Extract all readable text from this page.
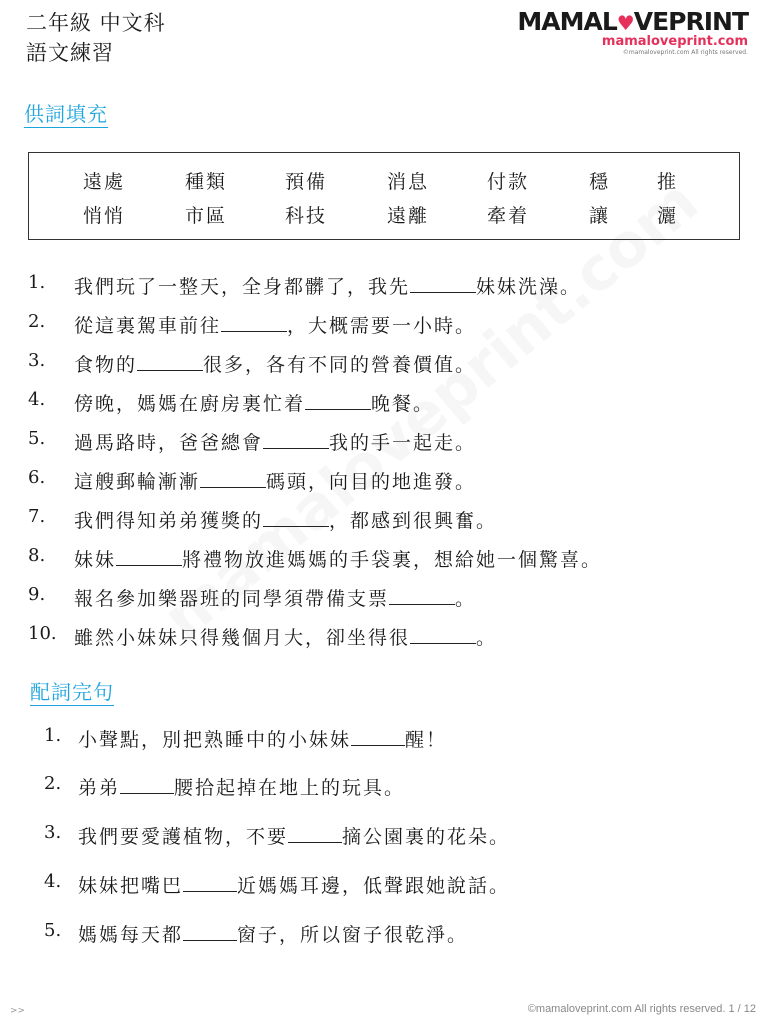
二年級 中文科
語文練習
MAMAL♥VEPRINT
mamaloveprint.com
©mamaloveprint.com All rights reserved.
供詞填充
遠處	種類	預備	消息	付款	穩 推
悄悄	市區	科技	遠離	牽着	讓 灑
1. 我們玩了一整天，全身都髒了，我先	妹妹洗澡。
2. 從這裏駕車前往	，大概需要一小時。
3. 食物的	很多，各有不同的營養價值。
4. 傍晚，媽媽在廚房裏忙着	晚餐。
5. 過馬路時，爸爸總會	我的手一起走。
6. 這艘郵輪漸漸	碼頭，向目的地進發。
7. 我們得知弟弟獲獎的	，都感到很興奮。
8. 妹妹	將禮物放進媽媽的手袋裏，想給她一個驚喜。
9. 報名參加樂器班的同學須帶備支票	。
10. 雖然小妹妹只得幾個月大，卻坐得很	。
配詞完句
1. 小聲點，別把熟睡中的小妹妹	醒！
2. 弟弟	腰拾起掉在地上的玩具。
3. 我們要愛護植物，不要	摘公園裏的花朵。
4. 妹妹把嘴巴	近媽媽耳邊，低聲跟她說話。
5. 媽媽每天都	窗子，所以窗子很乾淨。
>>	©mamaloveprint.com All rights reserved. 1 / 12
